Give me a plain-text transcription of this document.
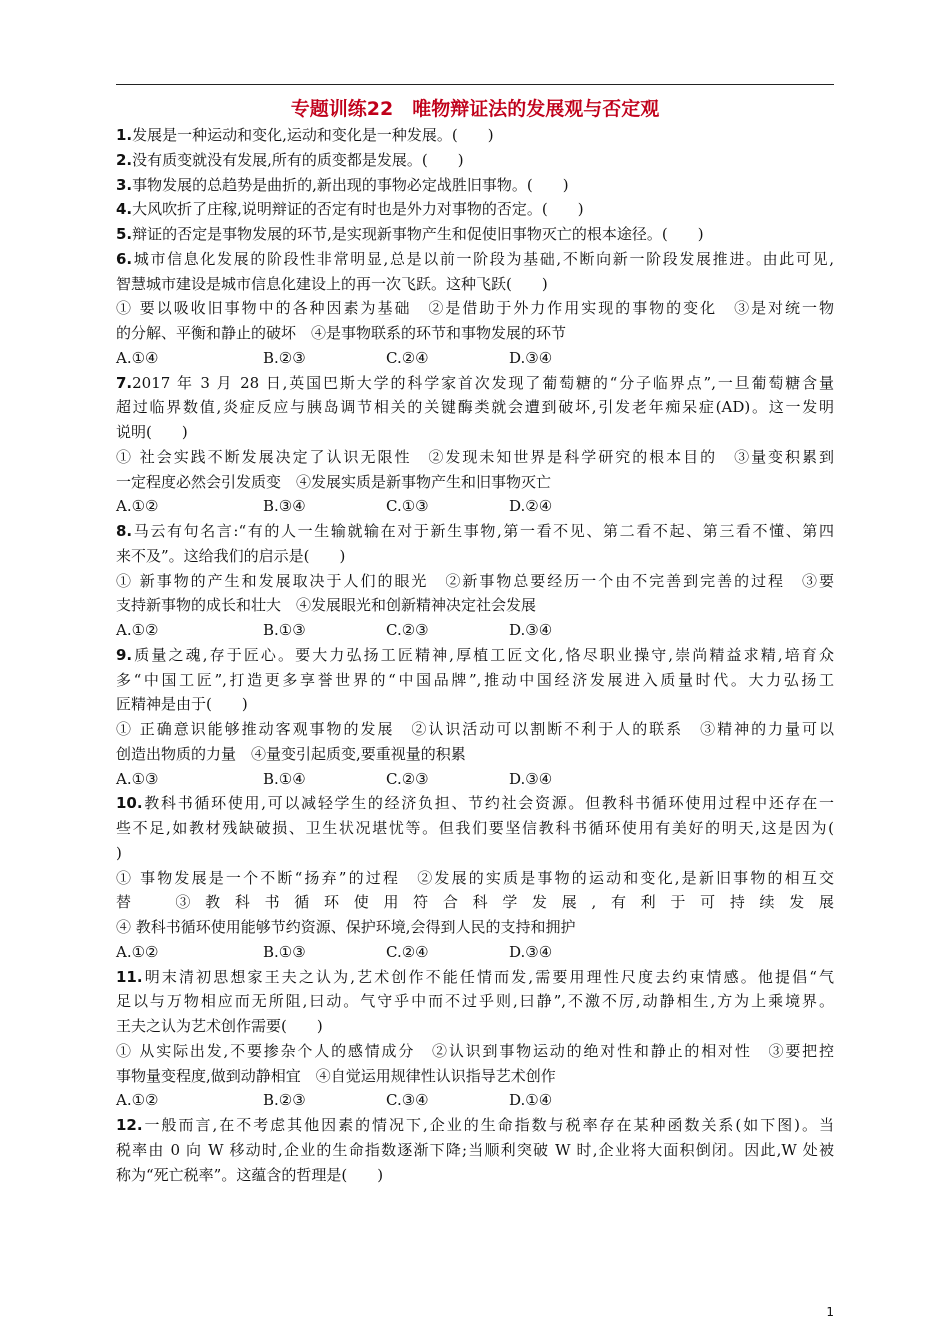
专题训练22　唯物辩证法的发展观与否定观
1.发展是一种运动和变化,运动和变化是一种发展。(　　)
2.没有质变就没有发展,所有的质变都是发展。(　　)
3.事物发展的总趋势是曲折的,新出现的事物必定战胜旧事物。(　　)
4.大风吹折了庄稼,说明辩证的否定有时也是外力对事物的否定。(　　)
5.辩证的否定是事物发展的环节,是实现新事物产生和促使旧事物灭亡的根本途径。(　　)
6.城市信息化发展的阶段性非常明显,总是以前一阶段为基础,不断向新一阶段发展推进。由此可见,
智慧城市建设是城市信息化建设上的再一次飞跃。这种飞跃(　　)
① 要以吸收旧事物中的各种因素为基础　②是借助于外力作用实现的事物的变化　③是对统一物
的分解、平衡和静止的破坏　④是事物联系的环节和事物发展的环节
A.①④	B.②③	C.②④	D.③④
7.2017 年 3 月 28 日,英国巴斯大学的科学家首次发现了葡萄糖的“分子临界点”,一旦葡萄糖含量
超过临界数值,炎症反应与胰岛调节相关的关键酶类就会遭到破坏,引发老年痴呆症(AD)。这一发明
说明(　　)
① 社会实践不断发展决定了认识无限性　②发现未知世界是科学研究的根本目的　③量变积累到
一定程度必然会引发质变　④发展实质是新事物产生和旧事物灭亡
A.①②	B.③④	C.①③	D.②④
8.马云有句名言:“有的人一生输就输在对于新生事物,第一看不见、第二看不起、第三看不懂、第四
来不及”。这给我们的启示是(　　)
① 新事物的产生和发展取决于人们的眼光　②新事物总要经历一个由不完善到完善的过程　③要
支持新事物的成长和壮大　④发展眼光和创新精神决定社会发展
A.①②	B.①③	C.②③	D.③④
9.质量之魂,存于匠心。要大力弘扬工匠精神,厚植工匠文化,恪尽职业操守,崇尚精益求精,培育众
多“中国工匠”,打造更多享誉世界的“中国品牌”,推动中国经济发展进入质量时代。大力弘扬工
匠精神是由于(　　)
① 正确意识能够推动客观事物的发展　②认识活动可以割断不利于人的联系　③精神的力量可以
创造出物质的力量　④量变引起质变,要重视量的积累
A.①③	B.①④	C.②③	D.③④
10.教科书循环使用,可以减轻学生的经济负担、节约社会资源。但教科书循环使用过程中还存在一
些不足,如教材残缺破损、卫生状况堪忧等。但我们要坚信教科书循环使用有美好的明天,这是因为(
)
① 事物发展是一个不断“扬弃”的过程　②发展的实质是事物的运动和变化,是新旧事物的相互交
替　③教科书循环使用符合科学发展,有利于可持续发展
④ 教科书循环使用能够节约资源、保护环境,会得到人民的支持和拥护
A.①②	B.①③	C.②④	D.③④
11.明末清初思想家王夫之认为,艺术创作不能任情而发,需要用理性尺度去约束情感。他提倡“气
足以与万物相应而无所阻,曰动。气守乎中而不过乎则,曰静”,不激不厉,动静相生,方为上乘境界。
王夫之认为艺术创作需要(　　)
① 从实际出发,不要掺杂个人的感情成分　②认识到事物运动的绝对性和静止的相对性　③要把控
事物量变程度,做到动静相宜　④自觉运用规律性认识指导艺术创作
A.①②	B.②③	C.③④	D.①④
12.一般而言,在不考虑其他因素的情况下,企业的生命指数与税率存在某种函数关系(如下图)。当
税率由 0 向 W 移动时,企业的生命指数逐渐下降;当顺利突破 W 时,企业将大面积倒闭。因此,W 处被
称为“死亡税率”。这蕴含的哲理是(　　)
1
